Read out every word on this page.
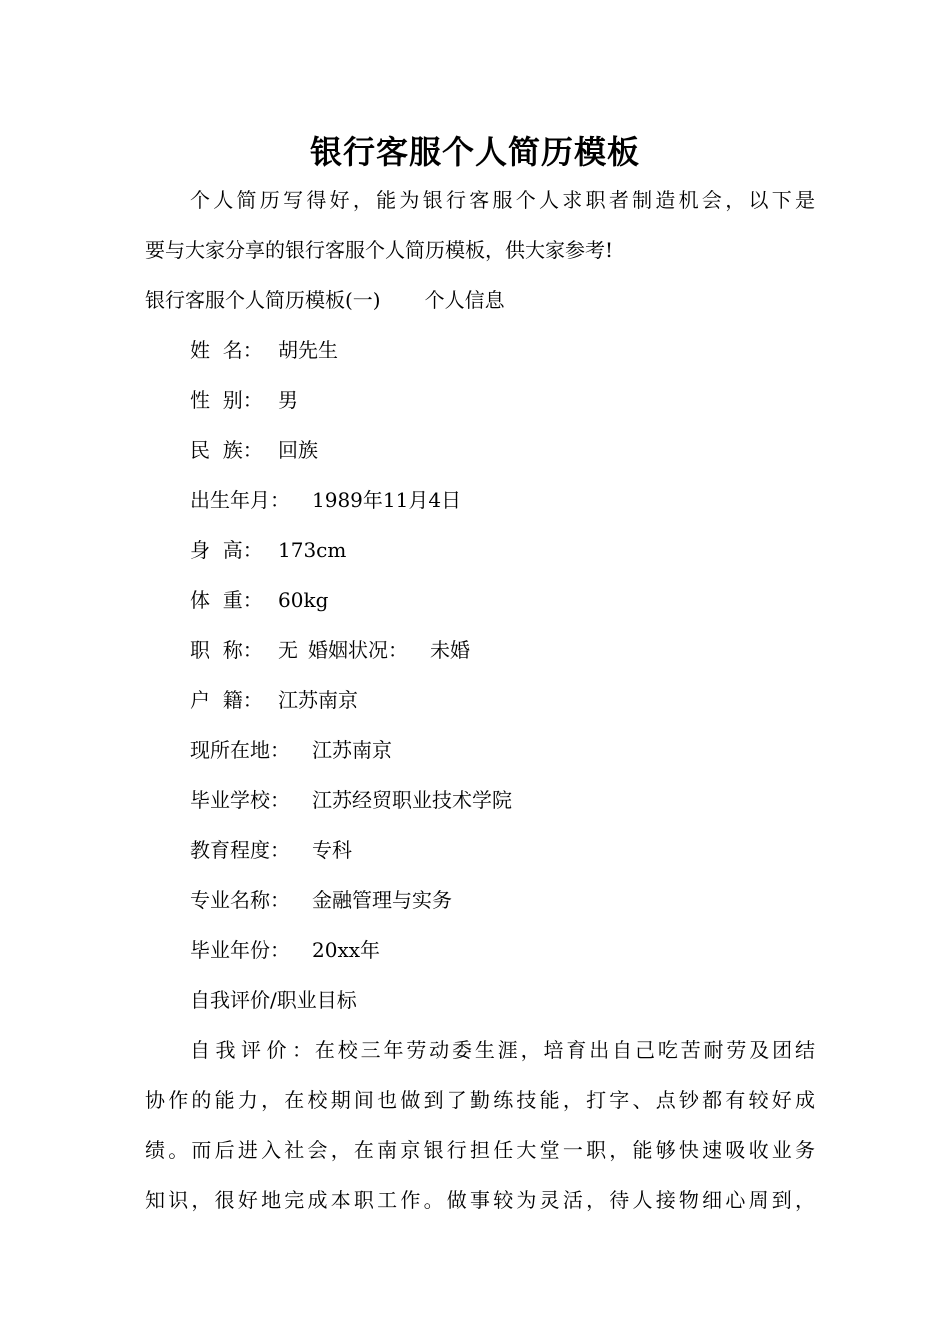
银行客服个人简历模板
个人简历写得好，能为银行客服个人求职者制造机会，以下是
要与大家分享的银行客服个人简历模板，供大家参考!
银行客服个人简历模板(一) 个人信息
姓  名： 胡先生
性  别： 男
民  族： 回族
出生年月： 1989年11月4日
身  高： 173cm
体  重： 60kg
职  称： 无 婚姻状况： 未婚
户  籍： 江苏南京
现所在地： 江苏南京
毕业学校： 江苏经贸职业技术学院
教育程度： 专科
专业名称： 金融管理与实务
毕业年份： 20xx年
自我评价/职业目标
自我评价：在校三年劳动委生涯，培育出自己吃苦耐劳及团结
协作的能力，在校期间也做到了勤练技能，打字、点钞都有较好成
绩。而后进入社会，在南京银行担任大堂一职，能够快速吸收业务
知识，很好地完成本职工作。做事较为灵活，待人接物细心周到，
